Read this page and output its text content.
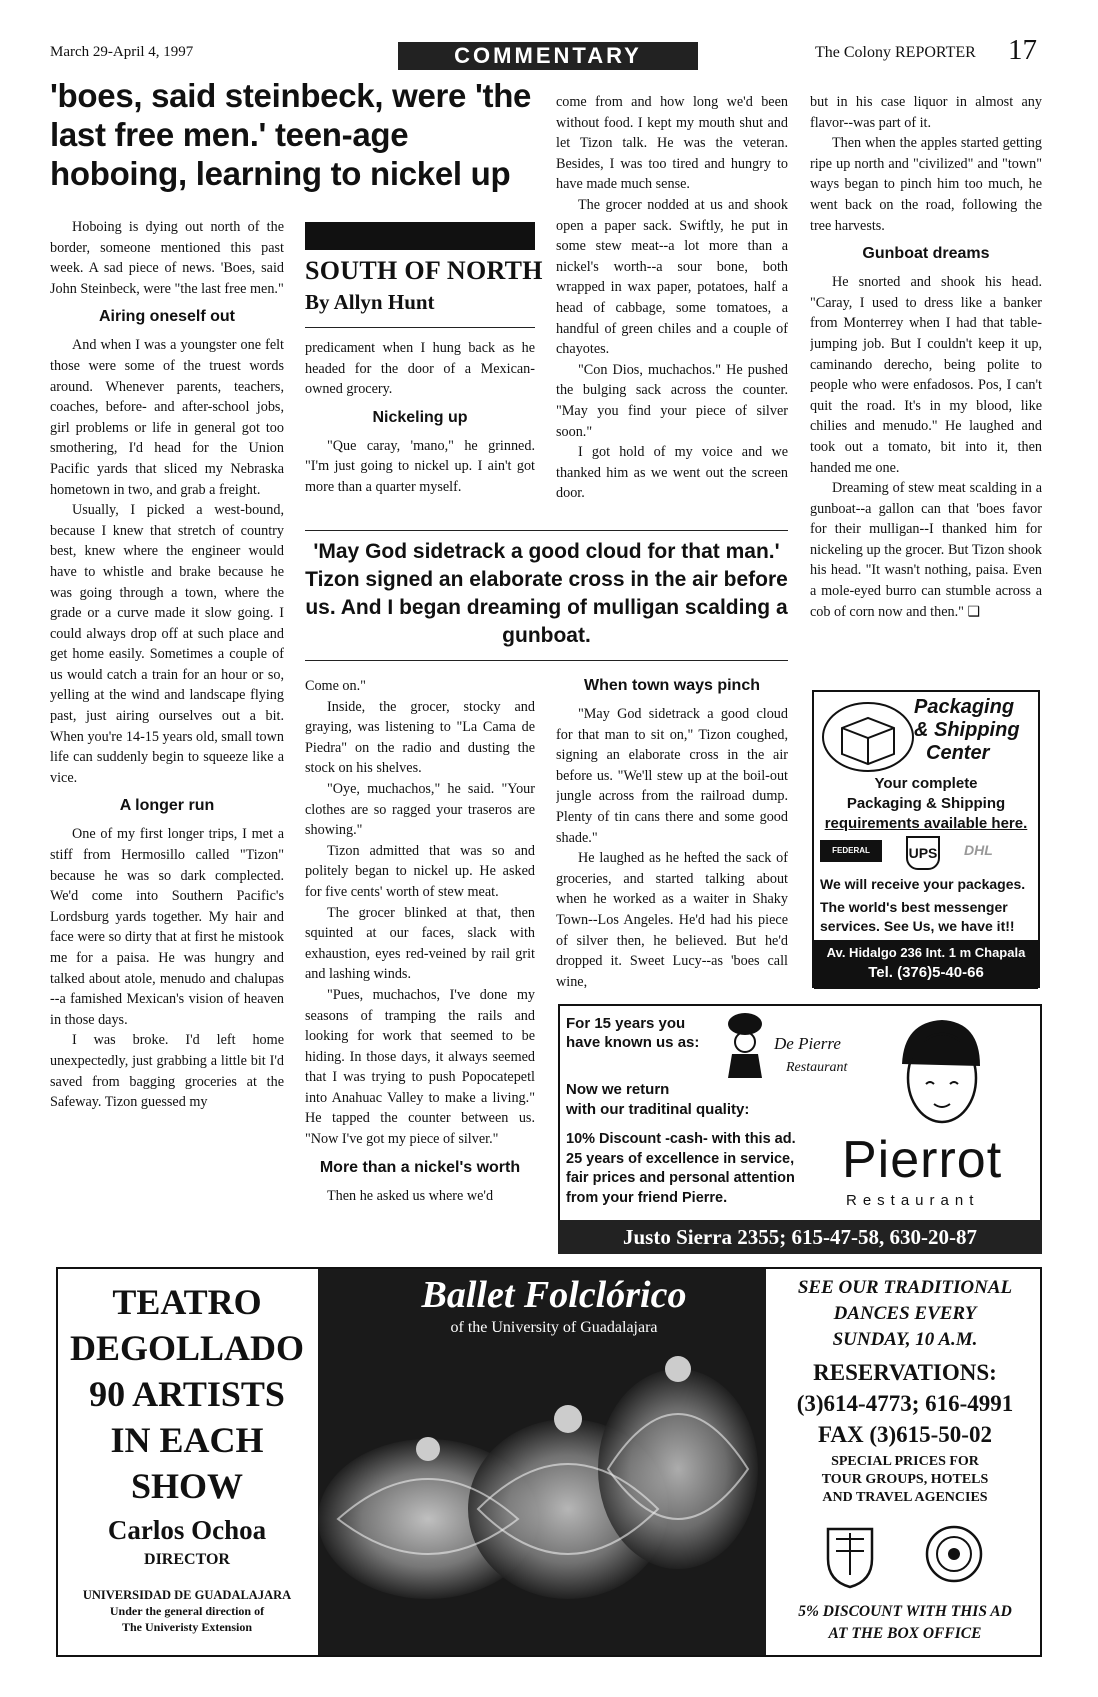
March 29-April 4, 1997	COMMENTARY	The Colony REPORTER 17
'boes, said steinbeck, were 'the last free men.' teen-age hoboing, learning to nickel up

Hoboing is dying out north of the border, someone mentioned this past week. A sad piece of news. 'Boes, said John Steinbeck, were "the last free men."

Airing oneself out

And when I was a youngster one felt those were some of the truest words around. Whenever parents, teachers, coaches, before- and after-school jobs, girl problems or life in general got too smothering, I'd head for the Union Pacific yards that sliced my Nebraska hometown in two, and grab a freight.

Usually, I picked a west-bound, because I knew that stretch of country best, knew where the engineer would have to whistle and brake because he was going through a town, where the grade or a curve made it slow going. I could always drop off at such place and get home easily. Sometimes a couple of us would catch a train for an hour or so, yelling at the wind and landscape flying past, just airing ourselves out a bit. When you're 14-15 years old, small town life can suddenly begin to squeeze like a vice.

A longer run

One of my first longer trips, I met a stiff from Hermosillo called "Tizon" because he was so dark complected. We'd come into Southern Pacific's Lordsburg yards together. My hair and face were so dirty that at first he mistook me for a paisa. He was hungry and talked about atole, menudo and chalupas --a famished Mexican's vision of heaven in those days.

I was broke. I'd left home unexpectedly, just grabbing a little bit I'd saved from bagging groceries at the Safeway. Tizon guessed my

SOUTH OF NORTH
By Allyn Hunt

predicament when I hung back as he headed for the door of a Mexican-owned grocery.

Nickeling up

"Que caray, 'mano," he grinned. "I'm just going to nickel up. I ain't got more than a quarter myself.

come from and how long we'd been without food. I kept my mouth shut and let Tizon talk. He was the veteran. Besides, I was too tired and hungry to have made much sense.

The grocer nodded at us and shook open a paper sack. Swiftly, he put in some stew meat--a lot more than a nickel's worth--a sour bone, both wrapped in wax paper, potatoes, half a head of cabbage, some tomatoes, a handful of green chiles and a couple of chayotes.

"Con Dios, muchachos." He pushed the bulging sack across the counter. "May you find your piece of silver soon."

I got hold of my voice and we thanked him as we went out the screen door.

but in his case liquor in almost any flavor--was part of it.

Then when the apples started getting ripe up north and "civilized" and "town" ways began to pinch him too much, he went back on the road, following the tree harvests.

Gunboat dreams

He snorted and shook his head. "Caray, I used to dress like a banker from Monterrey when I had that table-jumping job. But I couldn't keep it up, caminando derecho, being polite to people who were enfadosos. Pos, I can't quit the road. It's in my blood, like chilies and menudo." He laughed and took out a tomato, bit into it, then handed me one.

Dreaming of stew meat scalding in a gunboat--a gallon can that 'boes favor for their mulligan--I thanked him for nickeling up the grocer. But Tizon shook his head. "It wasn't nothing, paisa. Even a mole-eyed burro can stumble across a cob of corn now and then." ❑

'May God sidetrack a good cloud for that man.' Tizon signed an elaborate cross in the air before us. And I began dreaming of mulligan scalding a gunboat.

Come on."

Inside, the grocer, stocky and graying, was listening to "La Cama de Piedra" on the radio and dusting the stock on his shelves.

"Oye, muchachos," he said. "Your clothes are so ragged your traseros are showing."

Tizon admitted that was so and politely began to nickel up. He asked for five cents' worth of stew meat.

The grocer blinked at that, then squinted at our faces, slack with exhaustion, eyes red-veined by rail grit and lashing winds.

"Pues, muchachos, I've done my seasons of tramping the rails and looking for work that seemed to be hiding. In those days, it always seemed that I was trying to push Popocatepetl into Anahuac Valley to make a living." He tapped the counter between us. "Now I've got my piece of silver."

More than a nickel's worth

Then he asked us where we'd

When town ways pinch

"May God sidetrack a good cloud for that man to sit on," Tizon coughed, signing an elaborate cross in the air before us. "We'll stew up at the boil-out jungle across from the railroad dump. Plenty of tin cans there and some good shade."

He laughed as he hefted the sack of groceries, and started talking about when he worked as a waiter in Shaky Town--Los Angeles. He'd had his piece of silver then, he believed. But he'd dropped it. Sweet Lucy--as 'boes call wine,

Packaging
& Shipping
Center
Your complete
Packaging & Shipping
requirements available here.
FEDERAL EXPRESS
UPS DHL
We will receive your packages.
The world's best messenger
services. See Us, we have it!!
Av. Hidalgo 236 Int. 1 m Chapala
Tel. (376)5-40-66
For 15 years you
have known us as:	De Pierre
Restaurant
Now we return
with our traditinal quality:
10% Discount -cash- with this ad.
25 years of excellence in service,
fair prices and personal attention
from your friend Pierre.
Pierrot
Restaurant
Justo Sierra 2355; 615-47-58, 630-20-87
TEATRO
DEGOLLADO
90 ARTISTS
IN EACH
SHOW
Carlos Ochoa
DIRECTOR
UNIVERSIDAD DE GUADALAJARA
Under the general direction of
The Univeristy Extension
Ballet Folclórico
of the University of Guadalajara
SEE OUR TRADITIONAL
DANCES EVERY
SUNDAY, 10 A.M.
RESERVATIONS:
(3)614-4773; 616-4991
FAX (3)615-50-02
SPECIAL PRICES FOR
TOUR GROUPS, HOTELS
AND TRAVEL AGENCIES
5% DISCOUNT WITH THIS AD
AT THE BOX OFFICE
